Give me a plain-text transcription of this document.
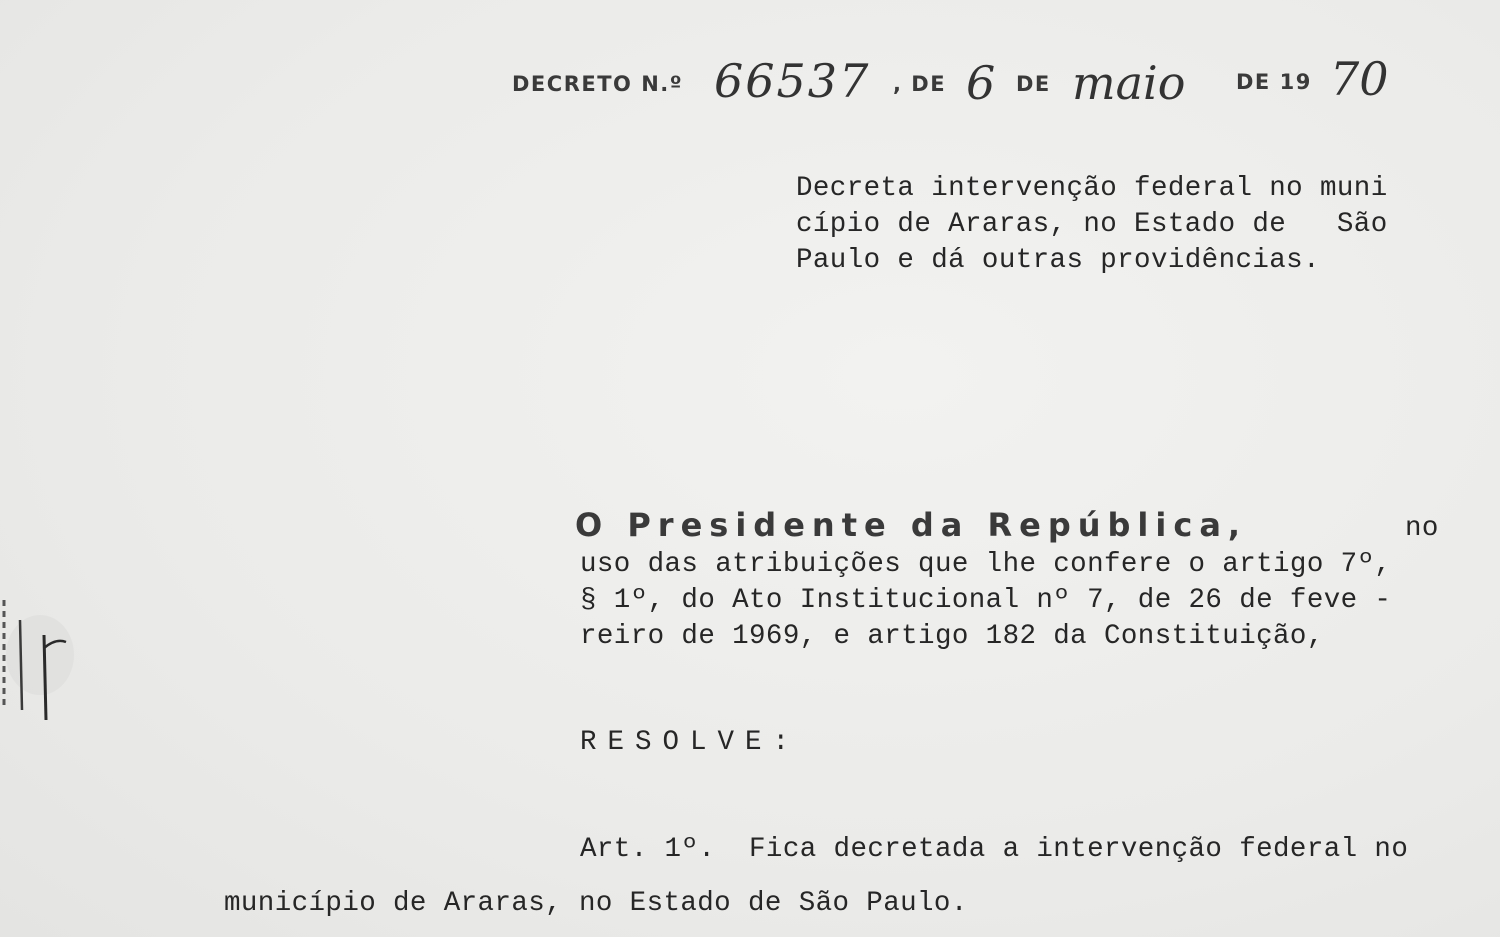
DECRETO N.º 66537 , DE 6 DE maio DE 19 70
Decreta intervenção federal no muni
cípio de Araras, no Estado de   São
Paulo e dá outras providências.
O Presidente da República,	no
uso das atribuições que lhe confere o artigo 7º,
§ 1º, do Ato Institucional nº 7, de 26 de feve -
reiro de 1969, e artigo 182 da Constituição,
RESOLVE:
Art. 1º.  Fica decretada a intervenção federal no
município de Araras, no Estado de São Paulo.
